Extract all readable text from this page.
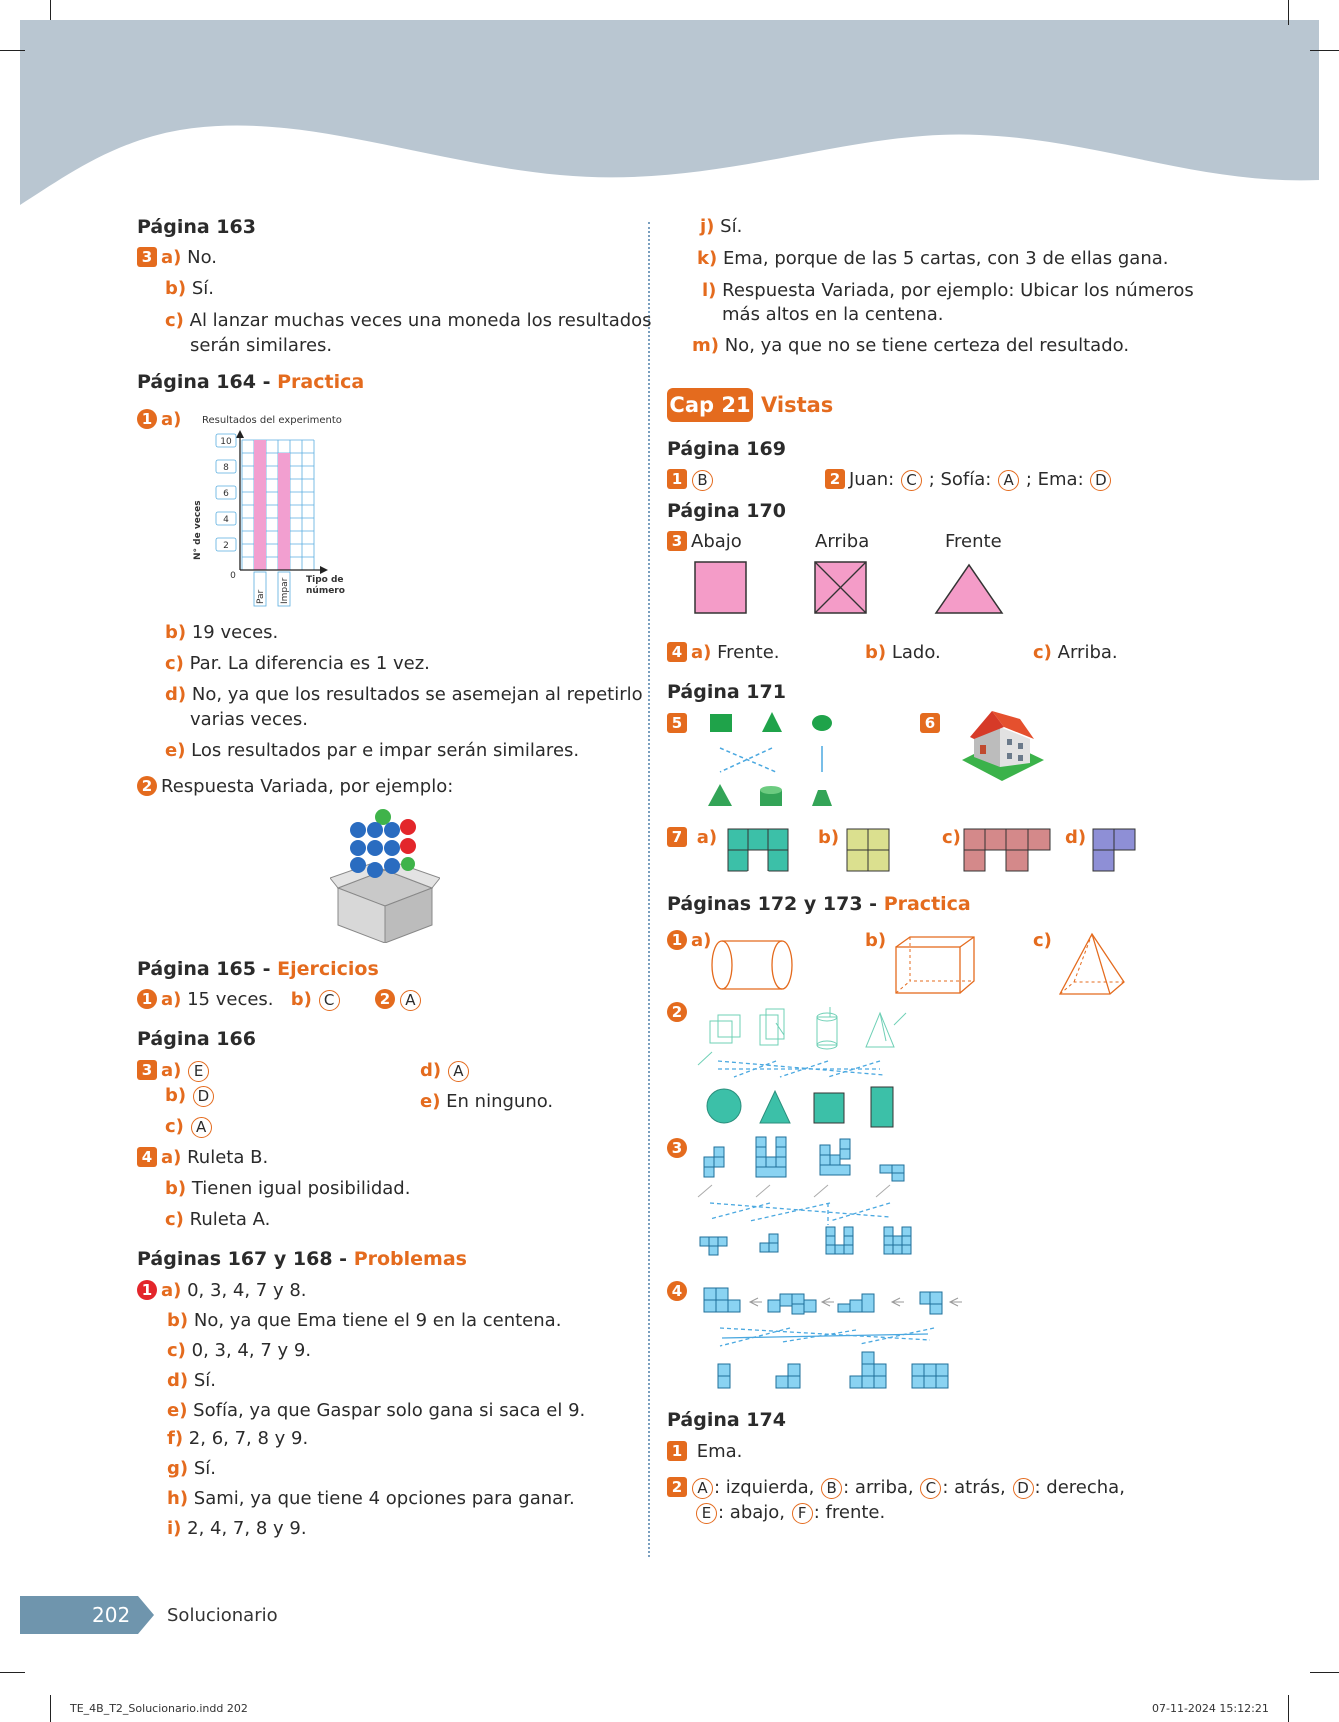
Página 163
3 a) No.
b) Sí.
c) Al lanzar muchas veces una moneda los resultados
serán similares.
Página 164 - Practica
1 a) Resultados del experimento
Par Impar
0
2
4
6
8
10
N° de veces
Tipo de
número
b) 19 veces.
c) Par. La diferencia es 1 vez.
d) No, ya que los resultados se asemejan al repetirlo
varias veces.
e) Los resultados par e impar serán similares.
2 Respuesta Variada, por ejemplo:
Página 165 - Ejercicios
1 a) 15 veces. b) C	2 A
Página 166
3 a) E
b) D
c) A
d) A
e) En ninguno.
4 a) Ruleta B.
b) Tienen igual posibilidad.
c) Ruleta A.
Páginas 167 y 168 - Problemas
1 a) 0, 3, 4, 7 y 8.
b) No, ya que Ema tiene el 9 en la centena.
c) 0, 3, 4, 7 y 9.
d) Sí.
e) Sofía, ya que Gaspar solo gana si saca el 9.
f) 2, 6, 7, 8 y 9.
g) Sí.
h) Sami, ya que tiene 4 opciones para ganar.
i) 2, 4, 7, 8 y 9.
j) Sí.
k) Ema, porque de las 5 cartas, con 3 de ellas gana.
l) Respuesta Variada, por ejemplo: Ubicar los números
más altos en la centena.
m) No, ya que no se tiene certeza del resultado.
Cap 21 Vistas
Página 169
1 B	2 Juan: C ; Sofía: A ; Ema: D
Página 170
3 Abajo	Arriba	Frente
4 a) Frente.	b) Lado.	c) Arriba.
Página 171
5	6
7 a)	b)	c)	d)
Páginas 172 y 173 - Practica
1 a)	b)	c)
2
3
4
Página 174
1 Ema.
2 A : izquierda, B : arriba, C : atrás, D : derecha,
E : abajo, F : frente.
202 Solucionario
TE_4B_T2_Solucionario.indd 202	07-11-2024 15:12:21
